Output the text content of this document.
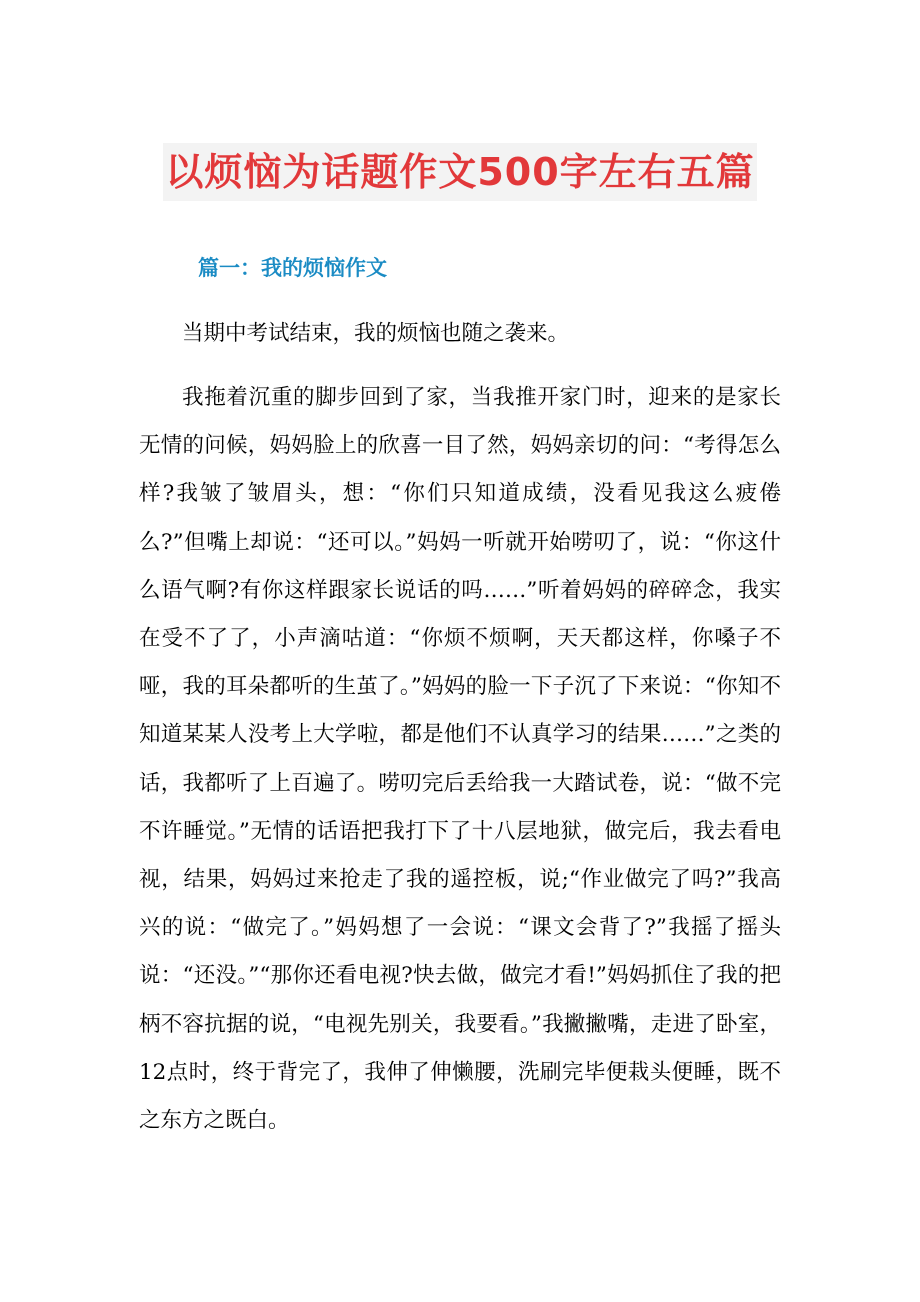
以烦恼为话题作文500字左右五篇
篇一：我的烦恼作文

当期中考试结束，我的烦恼也随之袭来。

我拖着沉重的脚步回到了家，当我推开家门时，迎来的是家长无情的问候，妈妈脸上的欣喜一目了然，妈妈亲切的问：“考得怎么样?我皱了皱眉头，想：“你们只知道成绩，没看见我这么疲倦么?”但嘴上却说：“还可以。”妈妈一听就开始唠叨了，说：“你这什么语气啊?有你这样跟家长说话的吗……”听着妈妈的碎碎念，我实在受不了了，小声滴咕道：“你烦不烦啊，天天都这样，你嗓子不哑，我的耳朵都听的生茧了。”妈妈的脸一下子沉了下来说：“你知不知道某某人没考上大学啦，都是他们不认真学习的结果……”之类的话，我都听了上百遍了。唠叨完后丢给我一大踏试卷，说：“做不完不许睡觉。”无情的话语把我打下了十八层地狱，做完后，我去看电视，结果，妈妈过来抢走了我的遥控板，说;“作业做完了吗?”我高兴的说：“做完了。”妈妈想了一会说：“课文会背了?”我摇了摇头说：“还没。”“那你还看电视?快去做，做完才看!”妈妈抓住了我的把柄不容抗据的说，“电视先别关，我要看。”我撇撇嘴，走进了卧室，12点时，终于背完了，我伸了伸懒腰，洗刷完毕便栽头便睡，既不之东方之既白。
